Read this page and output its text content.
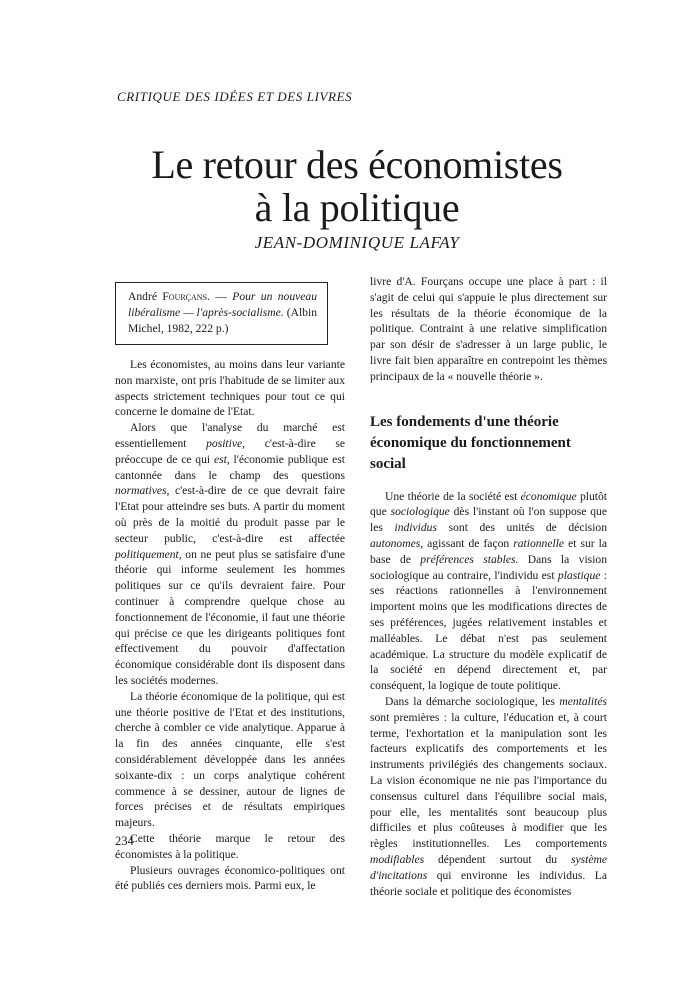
CRITIQUE DES IDÉES ET DES LIVRES
Le retour des économistes
à la politique
JEAN-DOMINIQUE LAFAY
André Fourçans. — Pour un nouveau libéralisme — l'après-socialisme. (Albin Michel, 1982, 222 p.)

Les économistes, au moins dans leur variante non marxiste, ont pris l'habitude de se limiter aux aspects strictement techniques pour tout ce qui concerne le domaine de l'Etat.

Alors que l'analyse du marché est essentiellement positive, c'est-à-dire se préoccupe de ce qui est, l'économie publique est cantonnée dans le champ des questions normatives, c'est-à-dire de ce que devrait faire l'Etat pour atteindre ses buts. A partir du moment où près de la moitié du produit passe par le secteur public, c'est-à-dire est affectée politiquement, on ne peut plus se satisfaire d'une théorie qui informe seulement les hommes politiques sur ce qu'ils devraient faire. Pour continuer à comprendre quelque chose au fonctionnement de l'économie, il faut une théorie qui précise ce que les dirigeants politiques font effectivement du pouvoir d'affectation économique considérable dont ils disposent dans les sociétés modernes.

La théorie économique de la politique, qui est une théorie positive de l'Etat et des institutions, cherche à combler ce vide analytique. Apparue à la fin des années cinquante, elle s'est considérablement développée dans les années soixante-dix : un corps analytique cohérent commence à se dessiner, autour de lignes de forces précises et de résultats empiriques majeurs.

Cette théorie marque le retour des économistes à la politique.

Plusieurs ouvrages économico-politiques ont été publiés ces derniers mois. Parmi eux, le

livre d'A. Fourçans occupe une place à part : il s'agit de celui qui s'appuie le plus directement sur les résultats de la théorie économique de la politique. Contraint à une relative simplification par son désir de s'adresser à un large public, le livre fait bien apparaître en contrepoint les thèmes principaux de la « nouvelle théorie ».

Les fondements d'une théorie économique du fonctionnement social

Une théorie de la société est économique plutôt que sociologique dès l'instant où l'on suppose que les individus sont des unités de décision autonomes, agissant de façon rationnelle et sur la base de préférences stables. Dans la vision sociologique au contraire, l'individu est plastique : ses réactions rationnelles à l'environnement importent moins que les modifications directes de ses préférences, jugées relativement instables et malléables. Le débat n'est pas seulement académique. La structure du modèle explicatif de la société en dépend directement et, par conséquent, la logique de toute politique.

Dans la démarche sociologique, les mentalités sont premières : la culture, l'éducation et, à court terme, l'exhortation et la manipulation sont les facteurs explicatifs des comportements et les instruments privilégiés des changements sociaux. La vision économique ne nie pas l'importance du consensus culturel dans l'équilibre social mais, pour elle, les mentalités sont beaucoup plus difficiles et plus coûteuses à modifier que les règles institutionnelles. Les comportements modifiables dépendent surtout du système d'incitations qui environne les individus. La théorie sociale et politique des économistes

234
